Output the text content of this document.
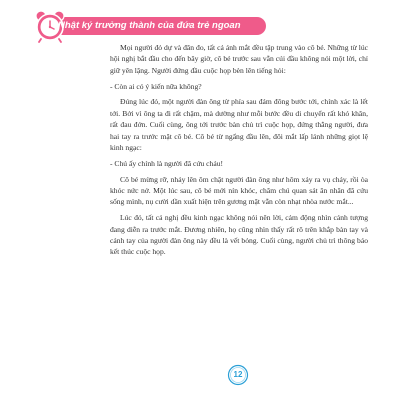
Nhật ký trưởng thành của đứa trẻ ngoan

Mọi người đỏ dự và đăn đo, tất cả ánh mắt đều tập trung vào cô bé. Những từ lúc hội nghị bắt đầu cho đến bây giờ, cô bé trước sau vẫn cúi đầu không nói một lời, chỉ giữ yên lặng. Người đứng đầu cuộc họp bèn lên tiếng hỏi:

- Còn ai có ý kiến nữa không?

Đúng lúc đó, một người đàn ông từ phía sau đám đông bước tới, chính xác là lết tới. Bởi vì ông ta đi rất chậm, mà dường như mỗi bước đều di chuyển rất khó khăn, rất đau đớn. Cuối cùng, ông tới trước bàn chủ trì cuộc họp, đứng thẳng người, đưa hai tay ra trước mặt cô bé. Cô bé từ ngẩng đầu lên, đôi mắt lấp lánh những giọt lệ kinh ngạc:

- Chú ấy chính là người đã cứu cháu!

Cô bé mừng rỡ, nhảy lên ôm chặt người đàn ông như hôm xảy ra vụ cháy, rồi òa khóc nức nở. Một lúc sau, cô bé mới nín khóc, chăm chú quan sát ân nhân đã cứu sống mình, nụ cười dần xuất hiện trên gương mặt vẫn còn nhạt nhòa nước mắt...

Lúc đó, tất cả nghị đều kinh ngạc không nói nên lời, cảm động nhìn cảnh tượng đang diễn ra trước mắt. Đương nhiên, họ cũng nhìn thấy rất rõ trên khắp bàn tay và cánh tay của người đàn ông này đều là vết bỏng. Cuối cùng, người chủ trì thông báo kết thúc cuộc họp.

12
